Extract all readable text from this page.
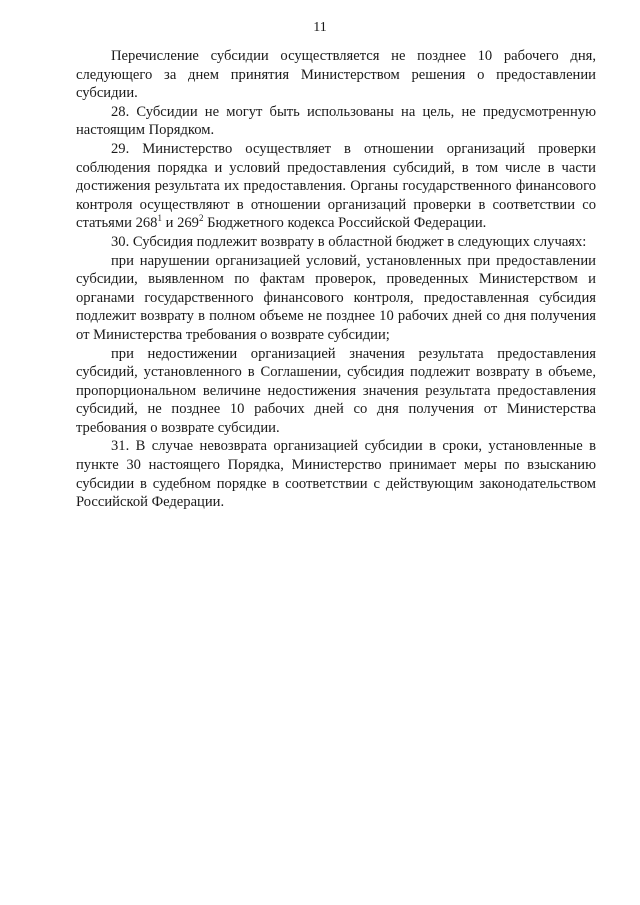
11

Перечисление субсидии осуществляется не позднее 10 рабочего дня, следующего за днем принятия Министерством решения о предоставлении субсидии.

28. Субсидии не могут быть использованы на цель, не предусмотренную настоящим Порядком.

29. Министерство осуществляет в отношении организаций проверки соблюдения порядка и условий предоставления субсидий, в том числе в части достижения результата их предоставления. Органы государственного финансового контроля осуществляют в отношении организаций проверки в соответствии со статьями $268^1$ и $269^2$ Бюджетного кодекса Российской Федерации.

30. Субсидия подлежит возврату в областной бюджет в следующих случаях:

при нарушении организацией условий, установленных при предоставлении субсидии, выявленном по фактам проверок, проведенных Министерством и органами государственного финансового контроля, предоставленная субсидия подлежит возврату в полном объеме не позднее 10 рабочих дней со дня получения от Министерства требования о возврате субсидии;

при недостижении организацией значения результата предоставления субсидий, установленного в Соглашении, субсидия подлежит возврату в объеме, пропорциональном величине недостижения значения результата предоставления субсидий, не позднее 10 рабочих дней со дня получения от Министерства требования о возврате субсидии.

31. В случае невозврата организацией субсидии в сроки, установленные в пункте 30 настоящего Порядка, Министерство принимает меры по взысканию субсидии в судебном порядке в соответствии с действующим законодательством Российской Федерации.
